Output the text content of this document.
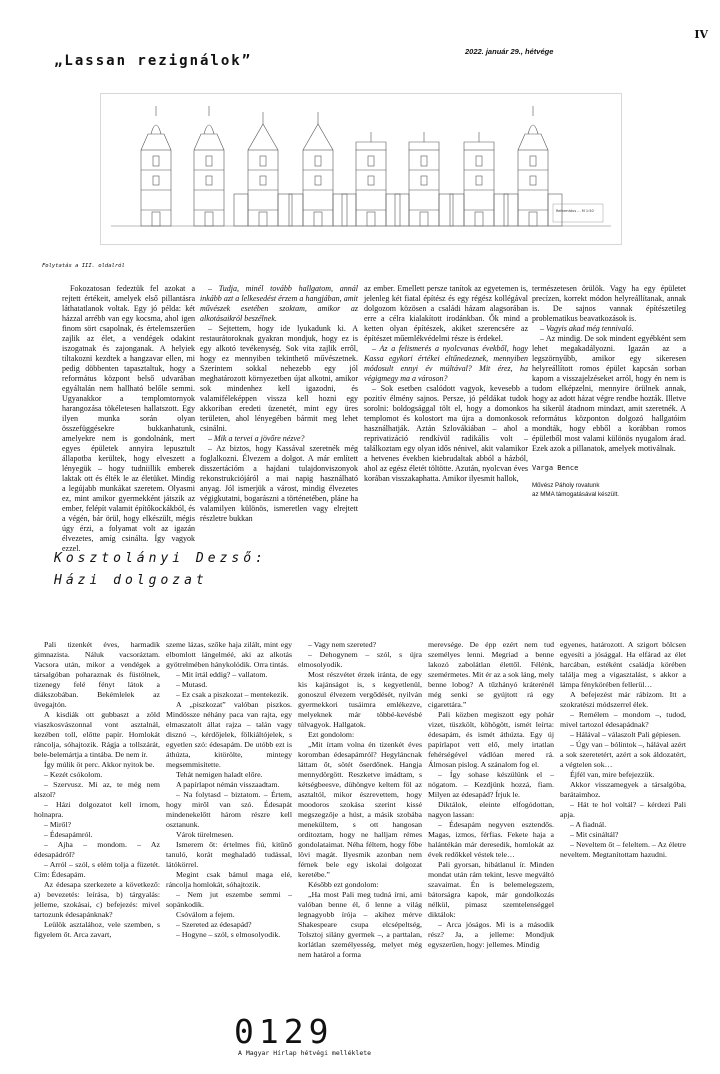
IV
„Lassan rezignálok”
2022. január 29., hétvége
Református ... M 1:50
Folytatás a III. oldalról

Fokozatosan fedeztük fel azokat a rejtett értékeit, amelyek első pillantásra láthatatlanok voltak. Egy jó példa: két házzal arrébb van egy kocsma, ahol igen finom sört csapolnak, és értelemszerűen zajlik az élet, a vendégek odakint iszogatnak és zajonganak. A helyiek tiltakozni kezdtek a hangzavar ellen, mi pedig döbbenten tapasztaltuk, hogy a református központ belső udvarában egyáltalán nem hallható belőle semmi. Ugyanakkor a templomtornyok harangozása tökéletesen hallatszott. Egy ilyen munka során olyan összefüggésekre bukkanhatunk, amelyekre nem is gondolnánk, mert egyes épületek annyira lepusztult állapotba kerültek, hogy elveszett a lényegük – hogy tudniillik emberek laktak ott és élték le az életüket. Mindig a legújabb munkákat szeretem. Olyasmi ez, mint amikor gyermekként játszik az ember, felépít valamit építőkockákból, és a végén, bár örül, hogy elkészült, mégis úgy érzi, a folyamat volt az igazán élvezetes, amíg csinálta. Így vagyok ezzel.

– Tudja, minél tovább hallgatom, annál inkább azt a lelkesedést érzem a hangjában, amit művészek esetében szoktam, amikor az alkotásaikról beszélnek.

– Sejtettem, hogy ide lyukadunk ki. A restaurátoroknak gyakran mondjuk, hogy ez is egy alkotó tevékenység. Sok vita zajlik erről, hogy ez mennyiben tekinthető művészetnek. Szerintem sokkal nehezebb egy jól meghatározott környezetben újat alkotni, amikor sok mindenhez kell igazodni, és valamiféleképpen vissza kell hozni egy akkoriban eredeti üzenetét, mint egy üres területen, ahol lényegében bármit meg lehet csinálni.

– Mik a tervei a jövőre nézve?

– Az biztos, hogy Kassával szeretnék még foglalkozni. Élvezem a dolgot. A már említett disszertációm a hajdani tulajdonviszonyok rekonstrukciójáról a mai napig használható anyag. Jól ismerjük a várost, mindig élvezetes végigkutatni, bogarászni a történetében, pláne ha valamilyen különös, ismeretlen vagy elrejtett részletre bukkan

az ember. Emellett persze tanítok az egyetemen is, jelenleg két fiatal építész és egy régész kollégával dolgozom közösen a családi házam alagsorában erre a célra kialakított irodánkban. Ők mind a ketten olyan építészek, akiket szerencsére az építészet műemlékvédelmi része is érdekel.

– Az a felismerés a nyolcvanas évekből, hogy Kassa egykori értékei eltűnedeznek, mennyiben módosult ennyi év múltával? Mit érez, ha végigmegy ma a városon?

– Sok esetben csalódott vagyok, kevesebb a pozitív élmény sajnos. Persze, jó példákat tudok sorolni: boldogsággal tölt el, hogy a domonkos templomot és kolostort ma újra a domonkosok használhatják. Aztán Szlovákiában – ahol a reprivatizáció rendkívül radikális volt – találkoztam egy olyan idős nénivel, akit valamikor a hetvenes években kiebrudaltak abból a házból, ahol az egész életét töltötte. Azután, nyolcvan éves korában visszakaphatta. Amikor ilyesmit hallok,

természetesen örülök. Vagy ha egy épületet precízen, korrekt módon helyreállítanak, annak is. De sajnos vannak építészetileg problematikus beavatkozások is.

– Vagyis akad még tennivaló.

– Az mindig. De sok mindent egyébként sem lehet megakadályozni. Igazán az a legszörnyűbb, amikor egy sikeresen helyreállított romos épület kapcsán sorban kapom a visszajelzéseket arról, hogy én nem is tudom elképzelni, mennyire örülnek annak, hogy az adott házat végre rendbe hozták. Illetve ha sikerül átadnom mindazt, amit szeretnék. A református központon dolgozó hallgatóim mondták, hogy ebből a korábban romos épületből most valami különös nyugalom árad. Ezek azok a pillanatok, amelyek motiválnak.

Varga Bence
Művész Páholy rovatunk
az MMA támogatásával készült.
Kosztolányi Dezső:
Házi dolgozat

Pali tizenkét éves, harmadik gimnazista. Náluk vacsoráztam. Vacsora után, mikor a vendégek a társalgóban poharaznak és füstölnek, tizenegy felé fényt látok a diákszobában. Bekémlelek az üvegajtón.

A kisdiák ott gubbaszt a zöld viaszkosvászonnal vont asztalnál, kezében toll, előtte papír. Homlokát ráncolja, sóhajtozik. Rágja a tollszárát, bele-belemártja a tintába. De nem ír.

Így múlik öt perc. Akkor nyitok be.

– Kezét csókolom.

– Szervusz. Mi az, te még nem alszol?

– Házi dolgozatot kell írnom, holnapra.

– Miről?

– Édesapámról.

– Ajha – mondom. – Az édesapádról?

– Arról – szól, s elém tolja a füzetét. Cím: Édesapám.

Az édesapa szerkezete a következő: a) bevezetés: leírása, b) tárgyalás: jelleme, szokásai, c) befejezés: mivel tartozunk édesapánknak?

Leülök asztalához, vele szemben, s figyelem őt. Arca zavart,

szeme lázas, szőke haja zilált, mint egy elbomlott lángelméé, aki az alkotás gyötrelmében hánykolódik. Orra tintás.

– Mit írtál eddig? – vallatom.

– Mutasd.

– Ez csak a piszkozat – mentekezik.

A „piszkozat” valóban piszkos. Mindössze néhány paca van rajta, egy elmaszatolt állat rajza – talán vagy disznó –, kérdőjelek, fölkiáltójelek, s egyetlen szó: édesapám. De utóbb ezt is áthúzta, kitörölte, mintegy megsemmisítette.

Tehát nemigen haladt előre.

A papírlapot némán visszaadtam.

– Na folytasd – biztatom. – Értem, hogy miről van szó. Édesapát mindenekelőtt három részre kell osztanunk.

Várok türelmesen.

Ismerem őt: értelmes fiú, kitűnő tanuló, korát meghaladó tudással, látókörrel.

Megint csak bámul maga elé, ráncolja homlokát, sóhajtozik.

– Nem jut eszembe semmi – sopánkodik.

Csóválom a fejem.

– Szereted az édesapád?

– Hogyne – szól, s elmosolyodik.

– Vagy nem szereted?

– Dehogynem – szól, s újra elmosolyodik.

Most részvétet érzek iránta, de egy kis kajánságot is, s kegyetlenül, gonoszul élvezem vergődését, nyilván gyermekkori tusáimra emlékezve, melyeknek már többé-kevésbé túlvagyok. Hallgatok.

Ezt gondolom:

„Mit írtam volna én tizenkét éves koromban édesapámról? Hegyláncnak láttam őt, sötét őserdőnek. Hangja mennydörgött. Reszketve imádtam, s kétségbeesve, dühöngve keltem föl az asztaltól, mikor észrevettem, hogy moodoros szokása szerint kissé megszegzője a húst, a másik szobába menekültem, s ott hangosan orditoztam, hogy ne halljam rémes gondolataimat. Néha féltem, hogy főbe lövi magát. Ilyesmik azonban nem férnek bele egy iskolai dolgozat keretébe.”

Később ezt gondolom:

„Ha most Pali meg tudná írni, ami valóban benne él, ő lenne a világ legnagyobb írója – akihez mérve Shakespeare csupa elcsépeltség, Tolsztoj silány gyermek –, a parttalan, korlátlan személyesség, melyet még nem határol a forma

merevsége. De épp ezért nem tud személyes lenni. Megriad a benne lakozó zabolátlan élettől. Félénk, szemérmetes. Mit ér az a sok láng, mely benne lobog? A tűzhányó kráterénél még senki se gyújtott rá egy cigarettára.”

Pali közben megiszott egy pohár vizet, tüszkölt, köhögött, ismét leírta: édesapám, és ismét áthúzta. Egy új papírlapot vett elő, mely irtatlan fehérségével vádlóan mered rá. Álmosan pislog. A szánalom fog el.

– Így sohase készülünk el – nógatom. – Kezdjünk hozzá, fiam. Milyen az édesapád? Írjuk le.

Diktálok, eleinte elfogódottan, nagyon lassan:

– Édesapám negyven esztendős. Magas, izmos, férfias. Fekete haja a halántékán már deresedik, homlokát az évek redőkkel véstek tele…

Pali gyorsan, hibátlanul ír. Minden mondat után rám tekint, lesve megváltó szavaimat. Én is belemelegszem, bátorságra kapok, már gondolkozás nélkül, pimasz szemtelenséggel diktálok:

– Arca jóságos. Mi is a második rész? Ja, a jelleme: Mondjuk egyszerűen, hogy: jellemes. Mindig

egyenes, határozott. A szigort bölcsen egyesíti a jósággal. Ha elfárad az élet harcában, estéként családja körében találja meg a vigasztalást, s akkor a lámpa fénykörében fellerül…

A befejezést már rábízom. Itt a szokratészi módszerrel élek.

– Remélem – mondom –, tudod, mivel tartozol édesapádnak?

– Hálával – válaszolt Pali gépiesen.

– Úgy van – bólintok –, hálával azért a sok szeretetért, azért a sok áldozatért, a végtelen sok…

Éjfél van, mire befejezzük.

Akkor visszamegyek a társalgóba, barátaimhoz.

– Hát te hol voltál? – kérdezi Pali apja.

– A fiadnál.

– Mit csináltál?

– Neveltem őt – feleltem. – Az életre neveltem. Megtanítottam hazudni.

0129
A Magyar Hírlap hétvégi melléklete
